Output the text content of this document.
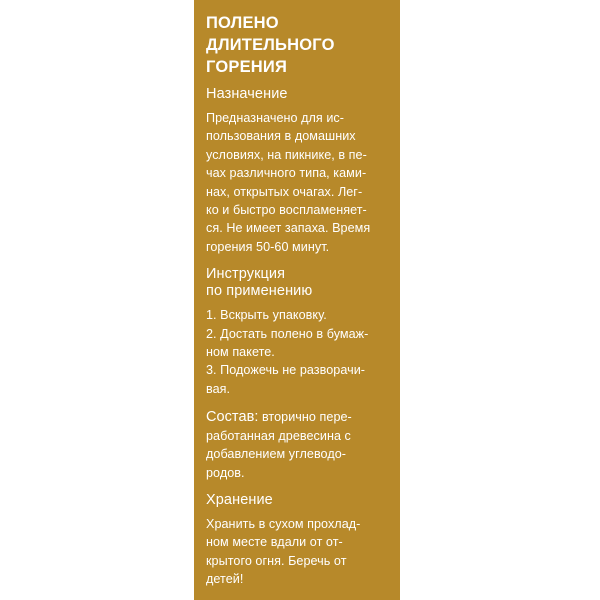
ПОЛЕНО
ДЛИТЕЛЬНОГО
ГОРЕНИЯ
Назначение
Предназначено для ис-
пользования в домашних
условиях, на пикнике, в пе-
чах различного типа, ками-
нах, открытых очагах. Лег-
ко и быстро воспламеняет-
ся. Не имеет запаха. Время
горения 50-60 минут.
Инструкция
по применению
1. Вскрыть упаковку.
2. Достать полено в бумаж-
ном пакете.
3. Подожечь не разворачи-
вая.
Состав: вторично пере-
работанная древесина с
добавлением углеводо-
родов.
Хранение
Хранить в сухом прохлад-
ном месте вдали от от-
крытого огня. Беречь от
детей!
